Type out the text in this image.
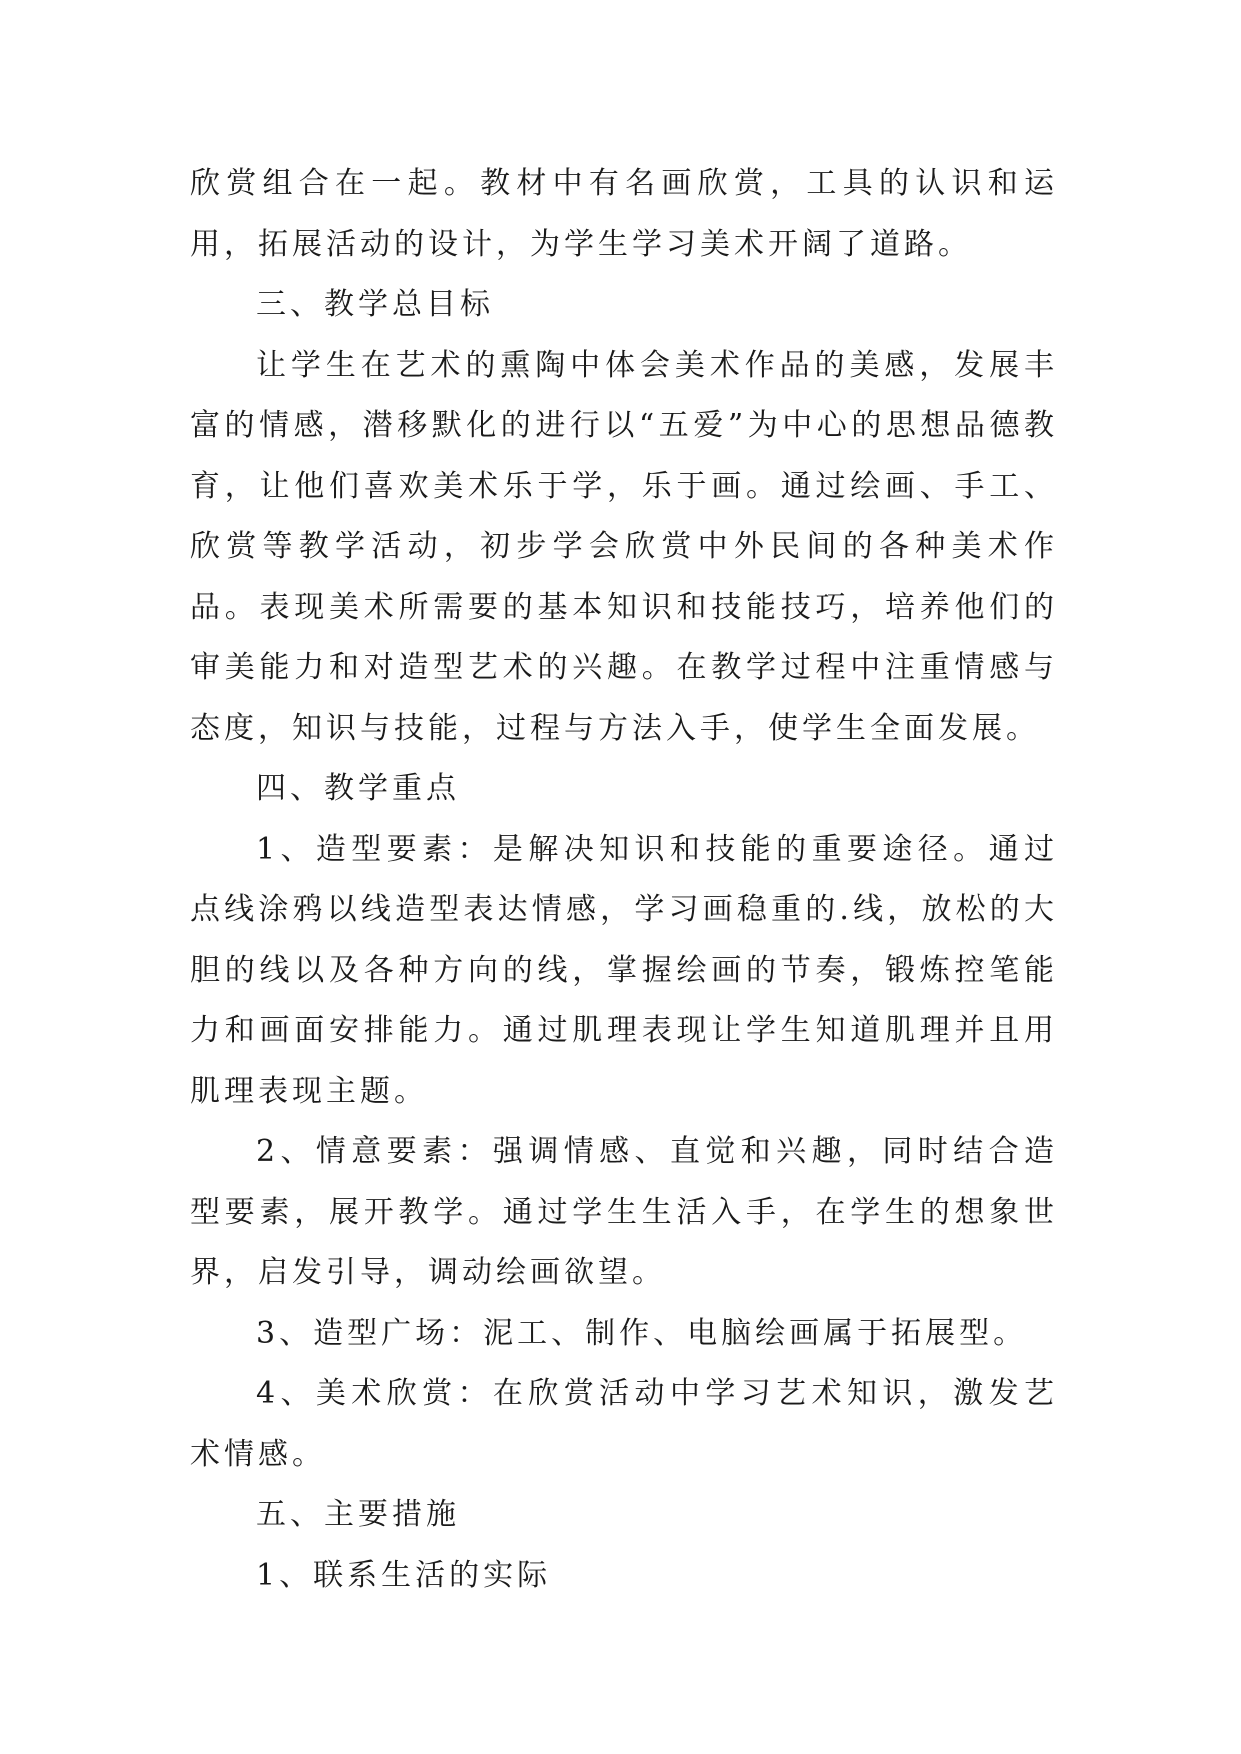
欣赏组合在一起。教材中有名画欣赏，工具的认识和运用，拓展活动的设计，为学生学习美术开阔了道路。

三、教学总目标

让学生在艺术的熏陶中体会美术作品的美感，发展丰富的情感，潜移默化的进行以“五爱”为中心的思想品德教育，让他们喜欢美术乐于学，乐于画。通过绘画、手工、欣赏等教学活动，初步学会欣赏中外民间的各种美术作品。表现美术所需要的基本知识和技能技巧，培养他们的审美能力和对造型艺术的兴趣。在教学过程中注重情感与态度，知识与技能，过程与方法入手，使学生全面发展。

四、教学重点

1、造型要素：是解决知识和技能的重要途径。通过点线涂鸦以线造型表达情感，学习画稳重的.线，放松的大胆的线以及各种方向的线，掌握绘画的节奏，锻炼控笔能力和画面安排能力。通过肌理表现让学生知道肌理并且用肌理表现主题。

2、情意要素：强调情感、直觉和兴趣，同时结合造型要素，展开教学。通过学生生活入手，在学生的想象世界，启发引导，调动绘画欲望。

3、造型广场：泥工、制作、电脑绘画属于拓展型。

4、美术欣赏：在欣赏活动中学习艺术知识，激发艺术情感。

五、主要措施

1、联系生活的实际
